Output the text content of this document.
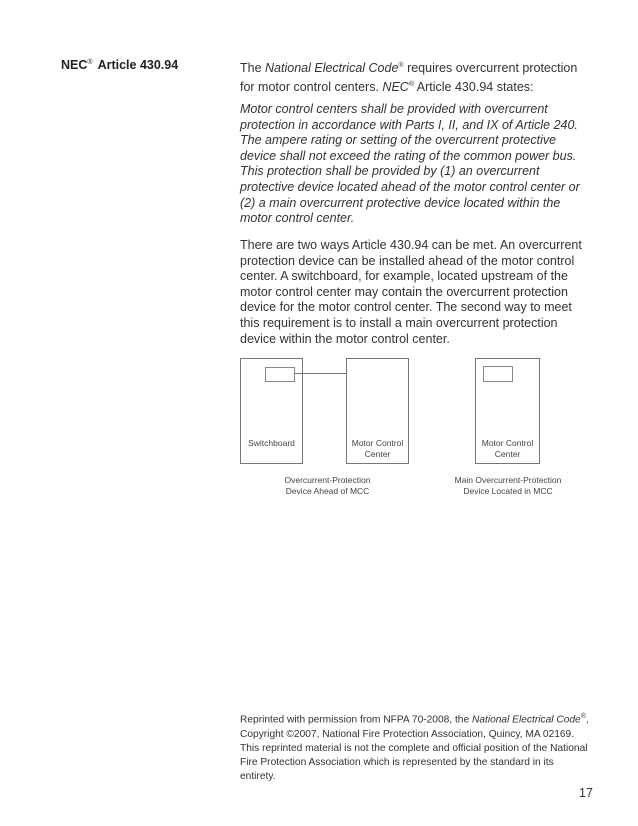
NEC® Article 430.94	The National Electrical Code® requires overcurrent protection for motor control centers. NEC® Article 430.94 states:

Motor control centers shall be provided with overcurrent protection in accordance with Parts I, II, and IX of Article 240. The ampere rating or setting of the overcurrent protective device shall not exceed the rating of the common power bus. This protection shall be provided by (1) an overcurrent protective device located ahead of the motor control center or (2) a main overcurrent protective device located within the motor control center.

There are two ways Article 430.94 can be met. An overcurrent protection device can be installed ahead of the motor control center. A switchboard, for example, located upstream of the motor control center may contain the overcurrent protection device for the motor control center. The second way to meet this requirement is to install a main overcurrent protection device within the motor control center.

Switchboard	Motor Control
Center
Motor Control
Center
Overcurrent-Protection
Device Ahead of MCC
Main Overcurrent-Protection
Device Located in MCC

Reprinted with permission from NFPA 70-2008, the National Electrical Code®, Copyright ©2007, National Fire Protection Association, Quincy, MA 02169. This reprinted material is not the complete and official position of the National Fire Protection Association which is represented by the standard in its entirety.

17
